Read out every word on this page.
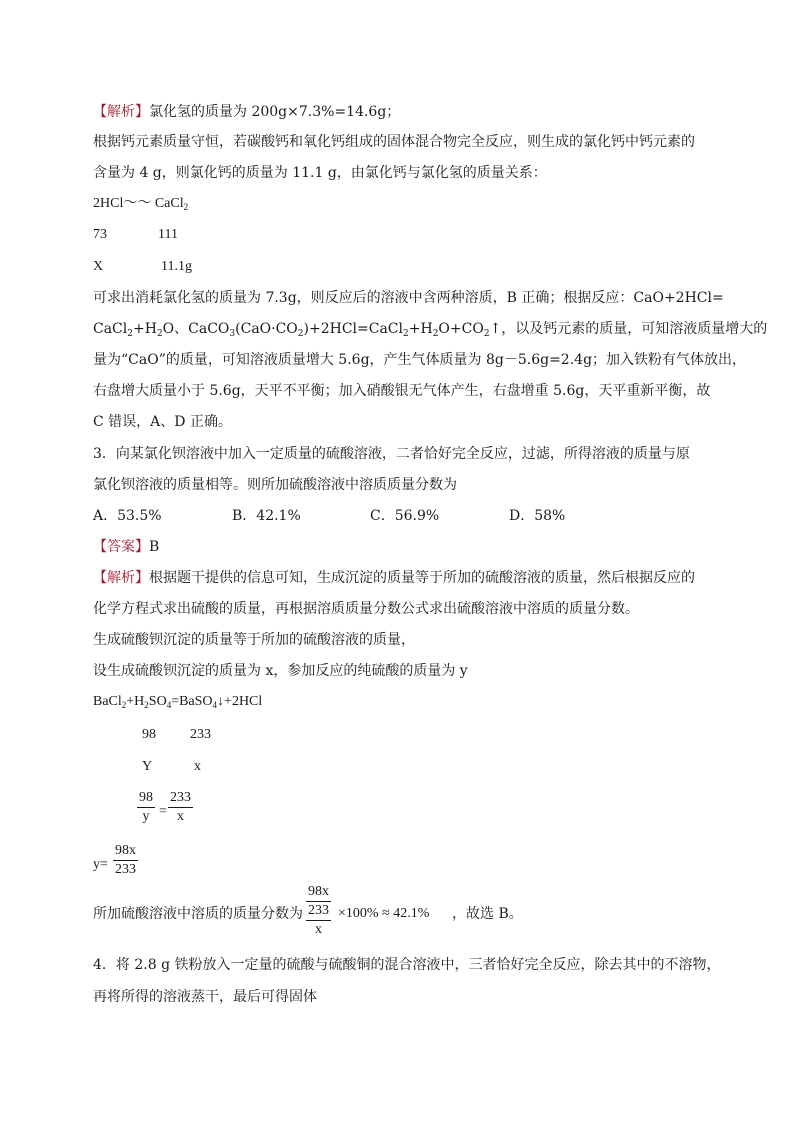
【解析】氯化氢的质量为 200g×7.3%=14.6g；
根据钙元素质量守恒，若碳酸钙和氧化钙组成的固体混合物完全反应，则生成的氯化钙中钙元素的
含量为 4 g，则氯化钙的质量为 11.1 g，由氯化钙与氯化氢的质量关系：
2HCl～～ CaCl$_2$
73	111
X	11.1g
可求出消耗氯化氢的质量为 7.3g，则反应后的溶液中含两种溶质，B 正确；根据反应：CaO+2HCl=
$CaCl_2+H_2O$、$CaCO_3(CaO\cdot CO_2)+2HCl=CaCl_2+H_2O+CO_2↑$，以及钙元素的质量，可知溶液质量增大的
量为“CaO”的质量，可知溶液质量增大 5.6g，产生气体质量为 8g－5.6g=2.4g；加入铁粉有气体放出，
右盘增大质量小于 5.6g，天平不平衡；加入硝酸银无气体产生，右盘增重 5.6g，天平重新平衡，故
C 错误，A、D 正确。
3．向某氯化钡溶液中加入一定质量的硫酸溶液，二者恰好完全反应，过滤，所得溶液的质量与原
氯化钡溶液的质量相等。则所加硫酸溶液中溶质质量分数为
A．53.5%	B．42.1%	C．56.9%	D．58%
【答案】B
【解析】根据题干提供的信息可知，生成沉淀的质量等于所加的硫酸溶液的质量，然后根据反应的
化学方程式求出硫酸的质量，再根据溶质质量分数公式求出硫酸溶液中溶质的质量分数。
生成硫酸钡沉淀的质量等于所加的硫酸溶液的质量，
设生成硫酸钡沉淀的质量为 x，参加反应的纯硫酸的质量为 y
$BaCl_2+H_2SO_4=BaSO_4↓+2HCl$
98 233
Y	x
98
y =
233
x
y=
98x
233
所加硫酸溶液中溶质的质量分数为
98x
233
x
×100% ≈ 42.1% ，故选 B。
4．将 2.8 g 铁粉放入一定量的硫酸与硫酸铜的混合溶液中，三者恰好完全反应，除去其中的不溶物，
再将所得的溶液蒸干，最后可得固体
